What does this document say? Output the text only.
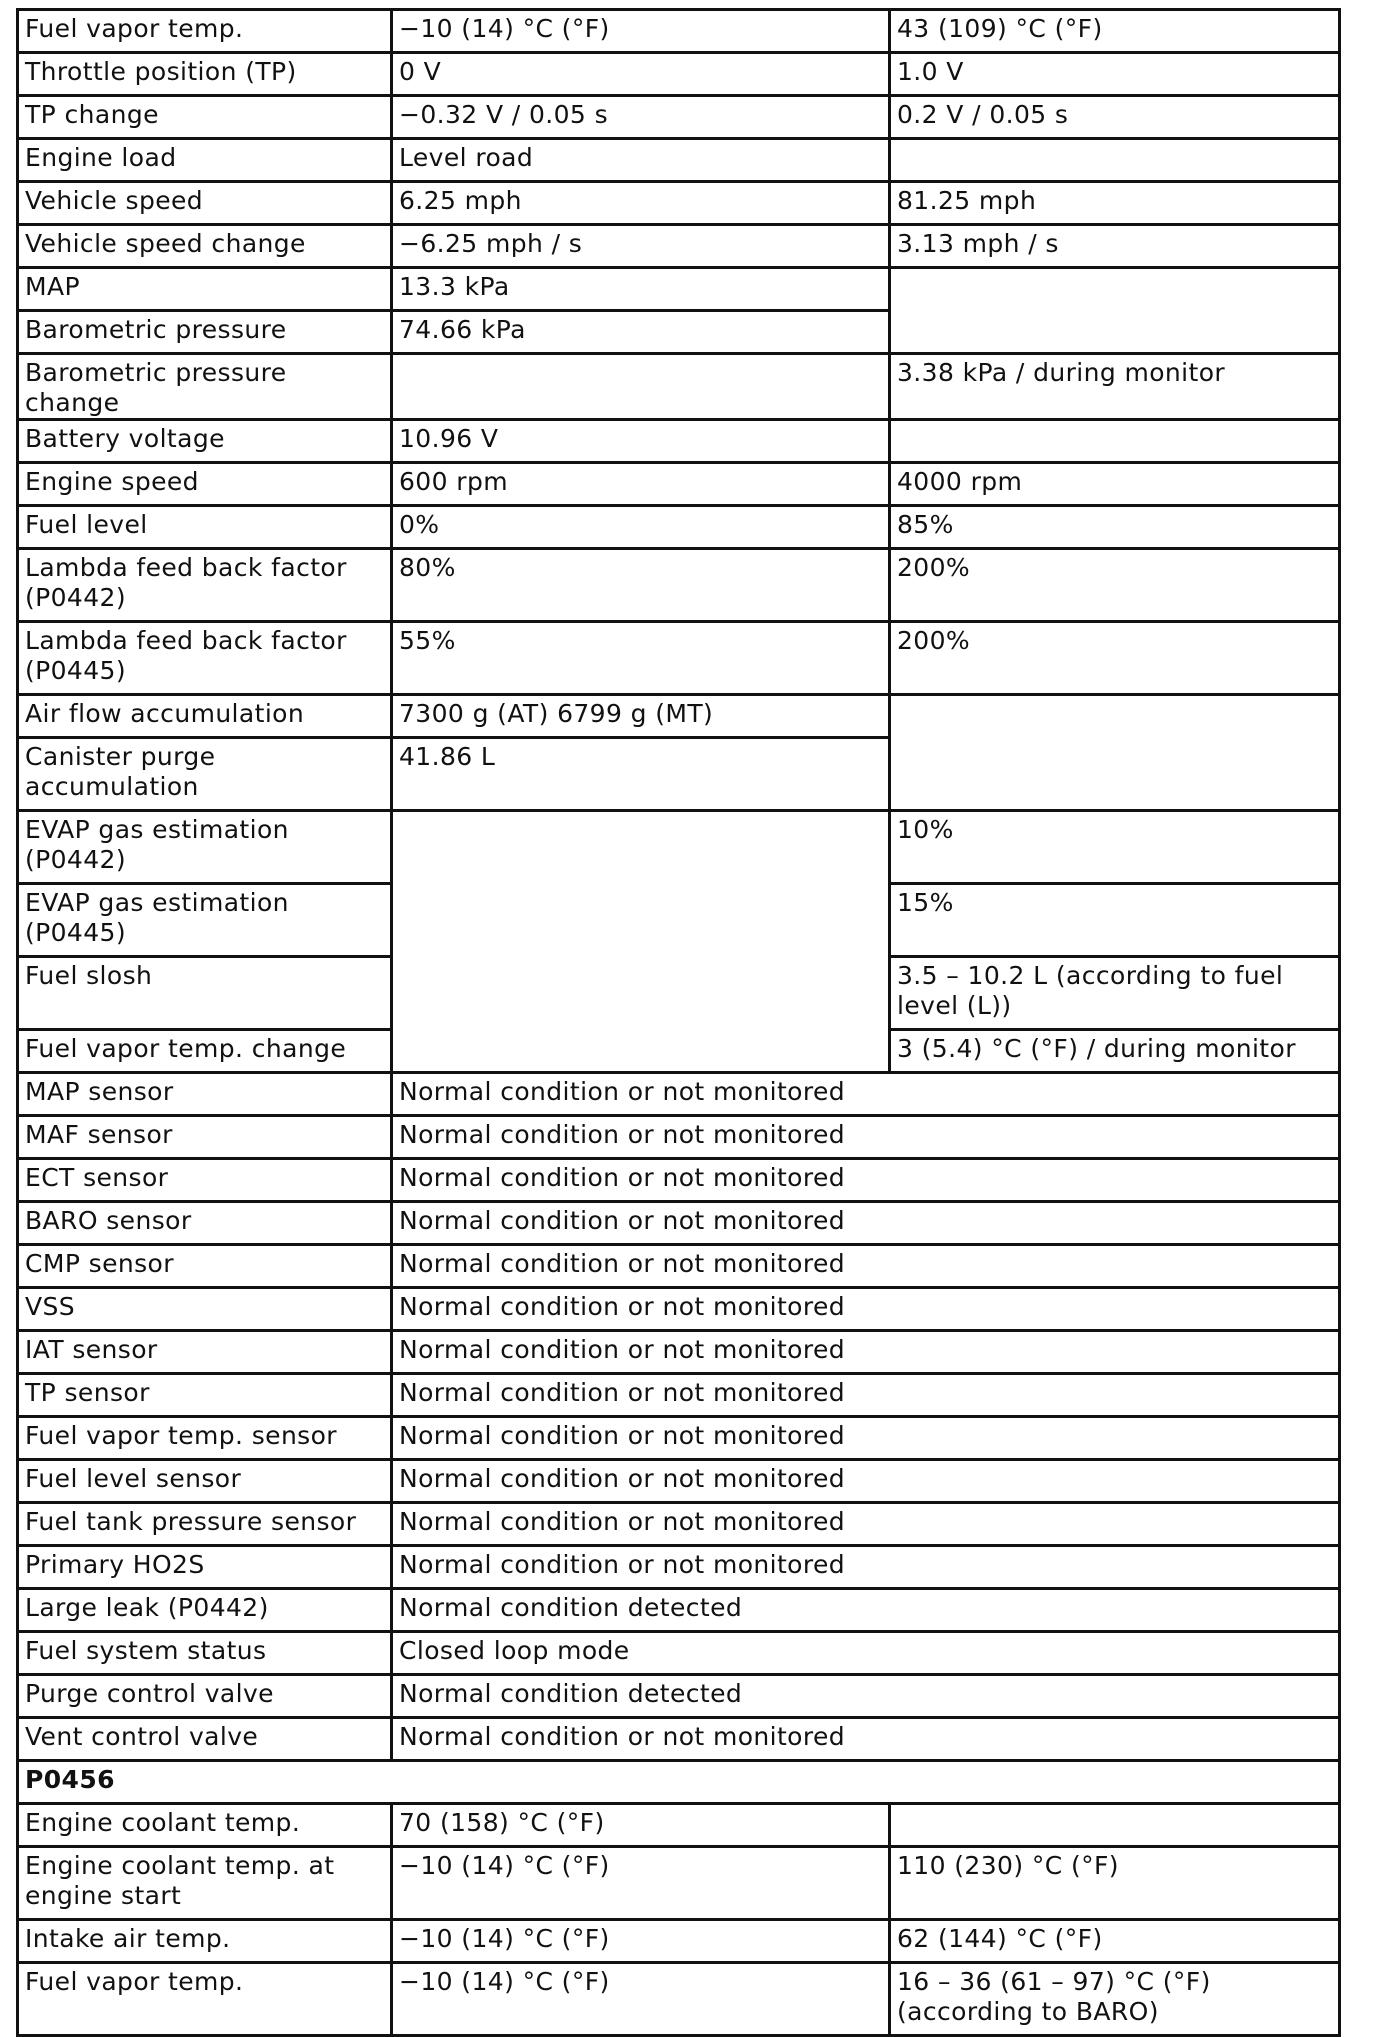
Fuel vapor temp.	−10 (14) °C (°F)	43 (109) °C (°F)
Throttle position (TP)	0 V	1.0 V
TP change	−0.32 V / 0.05 s	0.2 V / 0.05 s
Engine load	Level road	
Vehicle speed	6.25 mph	81.25 mph
Vehicle speed change	−6.25 mph / s	3.13 mph / s
MAP	13.3 kPa	
Barometric pressure	74.66 kPa	
Barometric pressure change		3.38 kPa / during monitor
Battery voltage	10.96 V	
Engine speed	600 rpm	4000 rpm
Fuel level	0%	85%
Lambda feed back factor (P0442)	80%	200%
Lambda feed back factor (P0445)	55%	200%
Air flow accumulation	7300 g (AT) 6799 g (MT)	
Canister purge accumulation	41.86 L	
EVAP gas estimation (P0442)		10%
EVAP gas estimation (P0445)		15%
Fuel slosh		3.5 – 10.2 L (according to fuel level (L))
Fuel vapor temp. change		3 (5.4) °C (°F) / during monitor
MAP sensor	Normal condition or not monitored	
MAF sensor	Normal condition or not monitored	
ECT sensor	Normal condition or not monitored	
BARO sensor	Normal condition or not monitored	
CMP sensor	Normal condition or not monitored	
VSS	Normal condition or not monitored	
IAT sensor	Normal condition or not monitored	
TP sensor	Normal condition or not monitored	
Fuel vapor temp. sensor	Normal condition or not monitored	
Fuel level sensor	Normal condition or not monitored	
Fuel tank pressure sensor	Normal condition or not monitored	
Primary HO2S	Normal condition or not monitored	
Large leak (P0442)	Normal condition detected	
Fuel system status	Closed loop mode	
Purge control valve	Normal condition detected	
Vent control valve	Normal condition or not monitored	
P0456		
Engine coolant temp.	70 (158) °C (°F)	
Engine coolant temp. at engine start	−10 (14) °C (°F)	110 (230) °C (°F)
Intake air temp.	−10 (14) °C (°F)	62 (144) °C (°F)
Fuel vapor temp.	−10 (14) °C (°F)	16 – 36 (61 – 97) °C (°F) (according to BARO)
